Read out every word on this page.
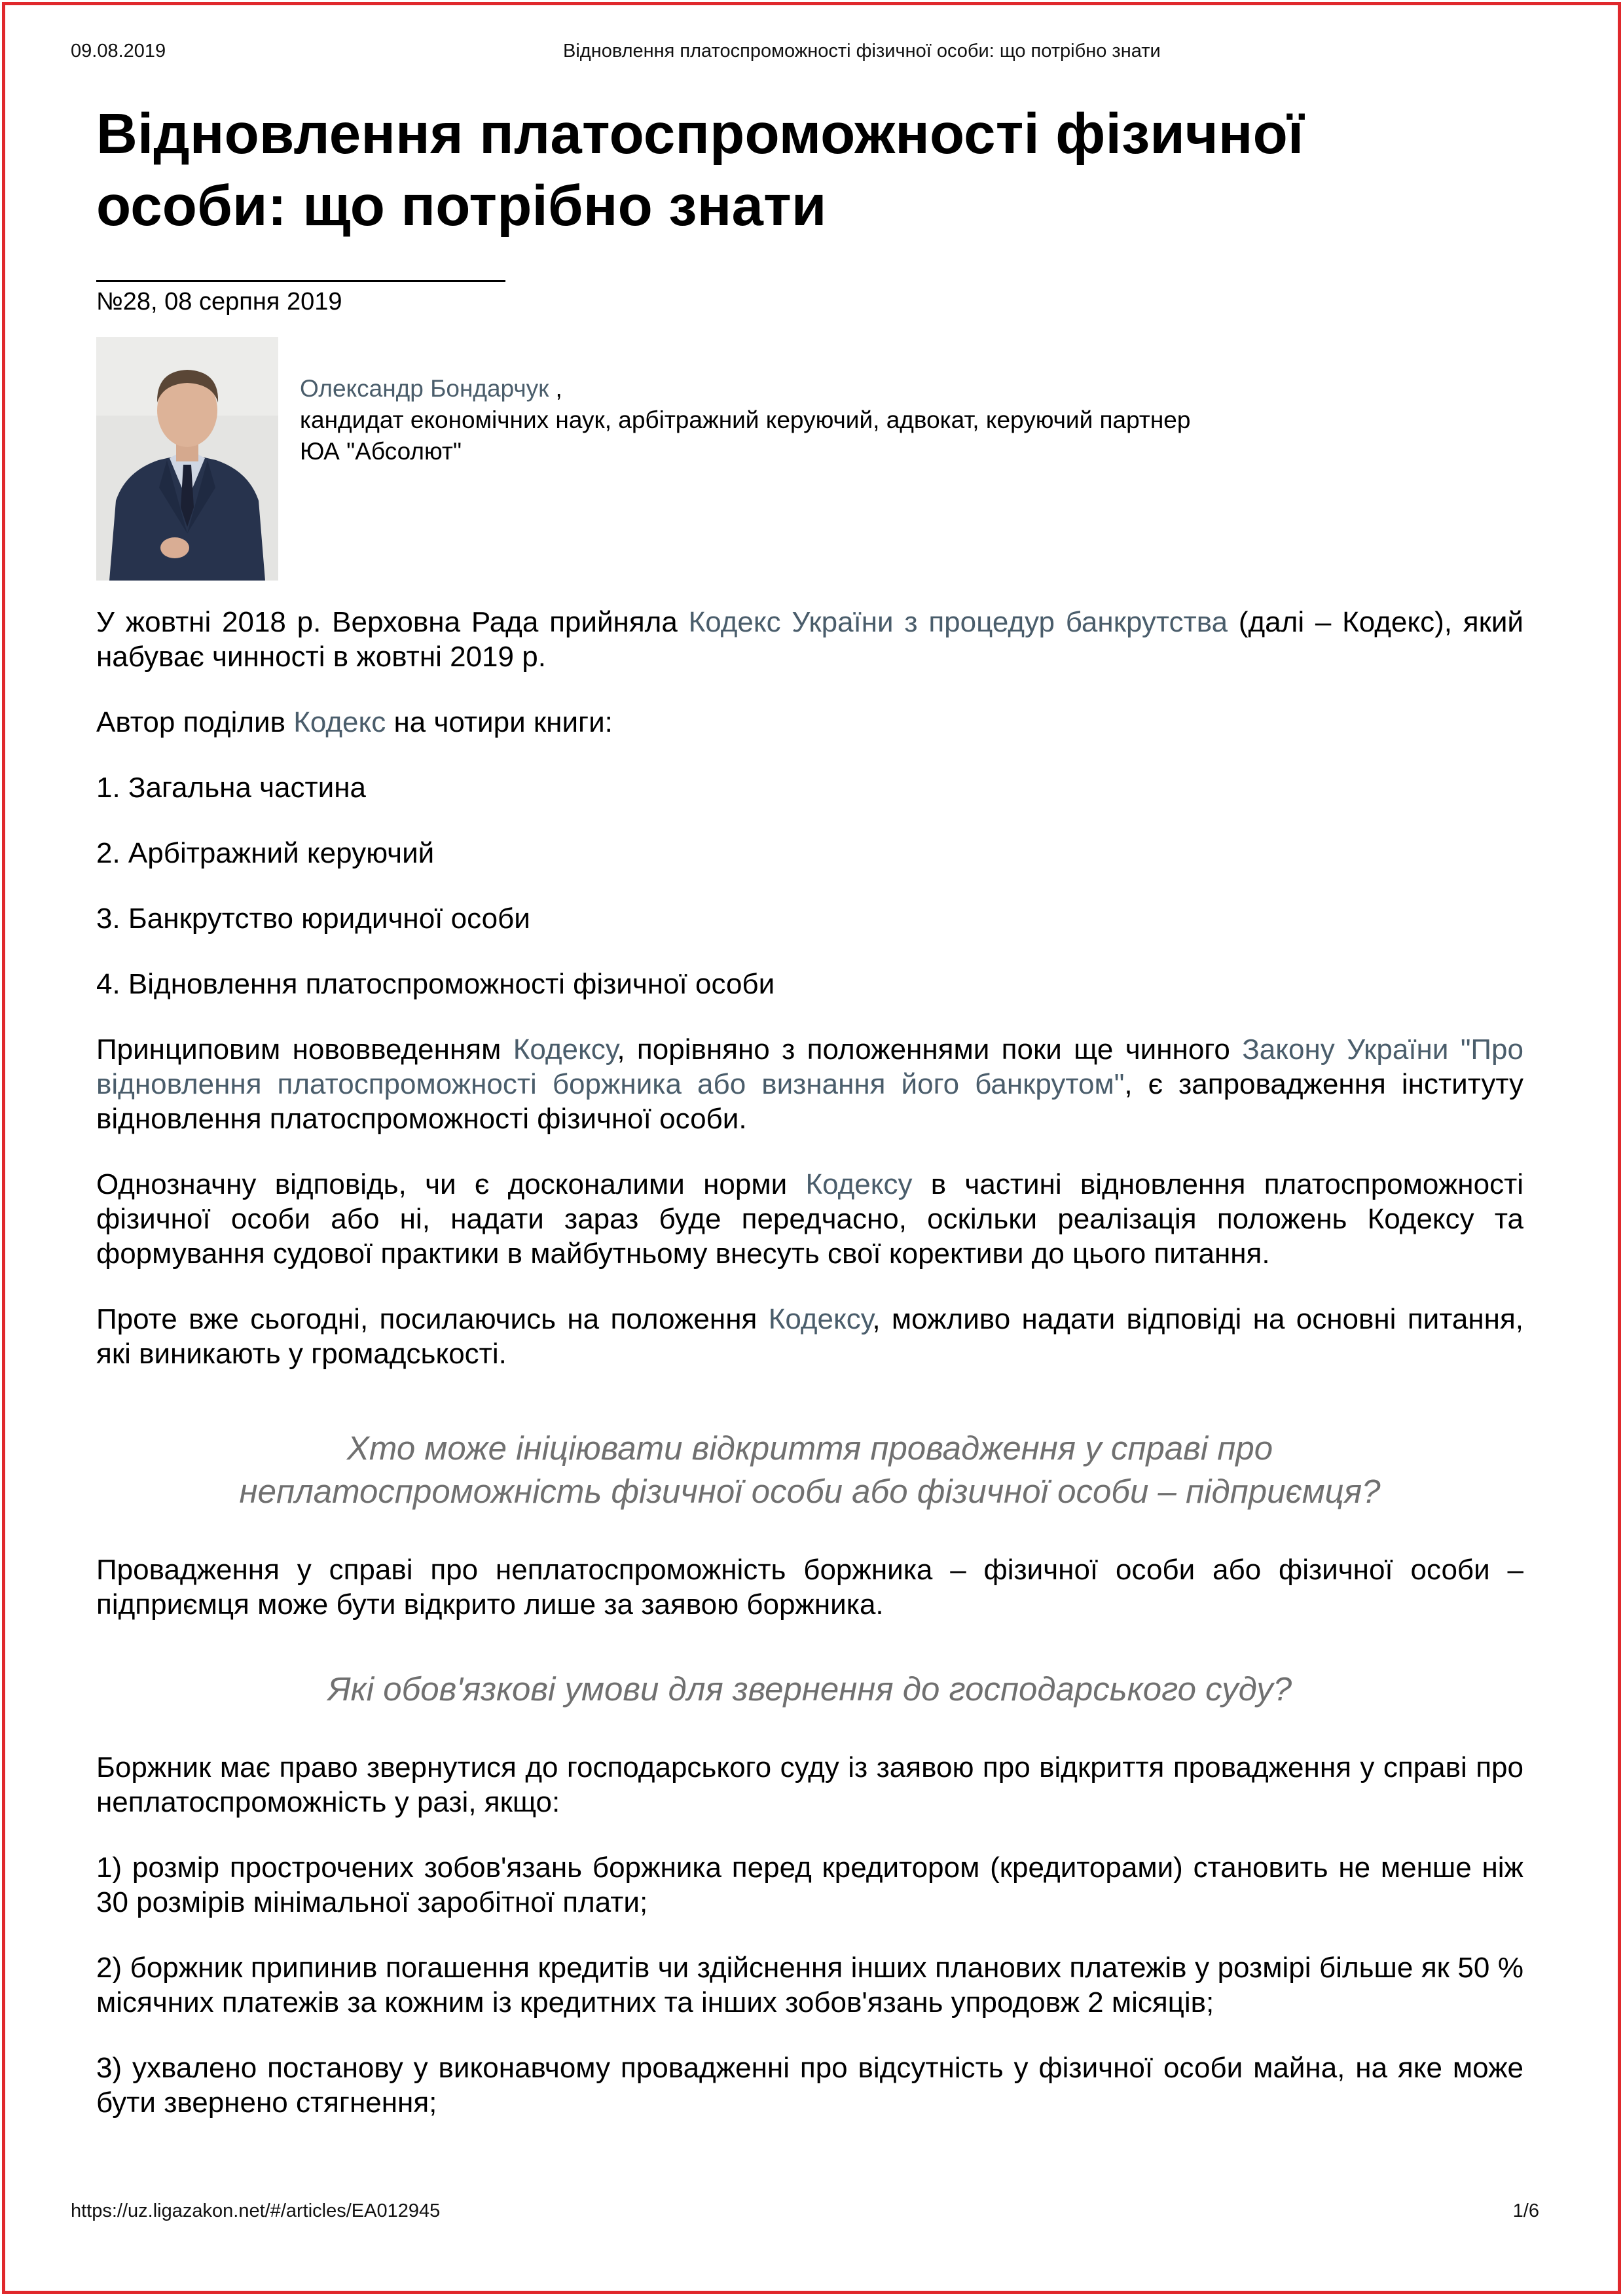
09.08.2019	Відновлення платоспроможності фізичної особи: що потрібно знати
Відновлення платоспроможності фізичної
особи: що потрібно знати
№28, 08 серпня 2019
Олександр Бондарчук ,
кандидат економічних наук, арбітражний керуючий, адвокат, керуючий партнер
ЮА "Абсолют"

У жовтні 2018 р. Верховна Рада прийняла Кодекс України з процедур банкрутства (далі – Кодекс), який набуває чинності в жовтні 2019 р.

Автор поділив Кодекс на чотири книги:

1. Загальна частина

2. Арбітражний керуючий

3. Банкрутство юридичної особи

4. Відновлення платоспроможності фізичної особи

Принциповим нововведенням Кодексу, порівняно з положеннями поки ще чинного Закону України "Про відновлення платоспроможності боржника або визнання його банкрутом", є запровадження інституту відновлення платоспроможності фізичної особи.

Однозначну відповідь, чи є досконалими норми Кодексу в частині відновлення платоспроможності фізичної особи або ні, надати зараз буде передчасно, оскільки реалізація положень Кодексу та формування судової практики в майбутньому внесуть свої корективи до цього питання.

Проте вже сьогодні, посилаючись на положення Кодексу, можливо надати відповіді на основні питання, які виникають у громадськості.

Хто може ініціювати відкриття провадження у справі про
неплатоспроможність фізичної особи або фізичної особи – підприємця?

Провадження у справі про неплатоспроможність боржника – фізичної особи або фізичної особи – підприємця може бути відкрито лише за заявою боржника.

Які обов'язкові умови для звернення до господарського суду?

Боржник має право звернутися до господарського суду із заявою про відкриття провадження у справі про неплатоспроможність у разі, якщо:

1) розмір прострочених зобов'язань боржника перед кредитором (кредиторами) становить не менше ніж 30 розмірів мінімальної заробітної плати;

2) боржник припинив погашення кредитів чи здійснення інших планових платежів у розмірі більше як 50 % місячних платежів за кожним із кредитних та інших зобов'язань упродовж 2 місяців;

3) ухвалено постанову у виконавчому провадженні про відсутність у фізичної особи майна, на яке може бути звернено стягнення;

https://uz.ligazakon.net/#/articles/EA012945	1/6
